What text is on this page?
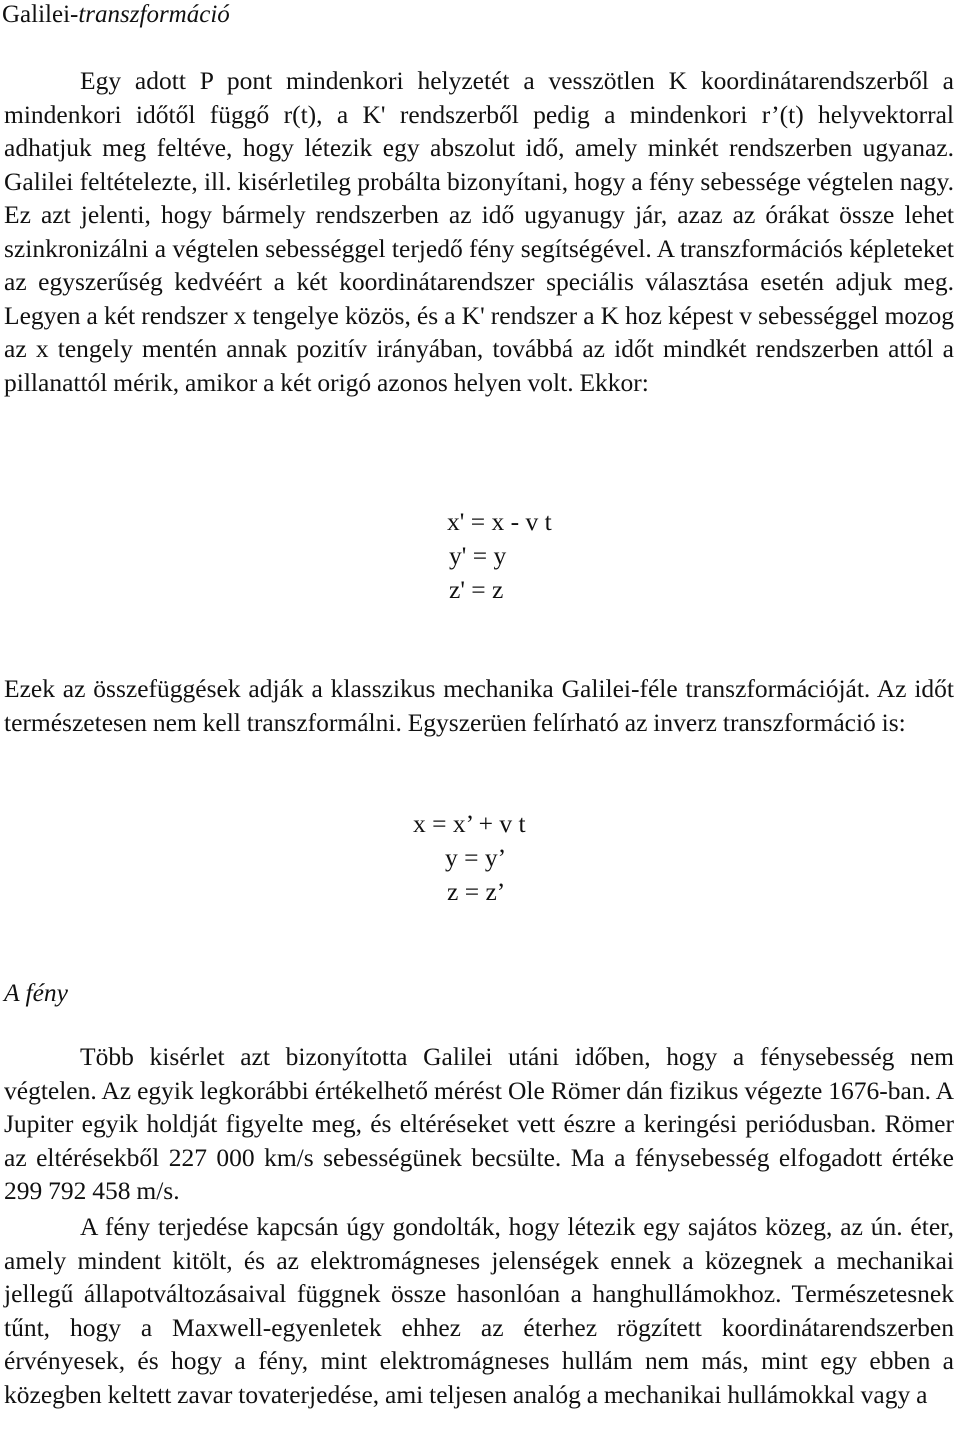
Galilei-transzformáció

Egy adott P pont mindenkori helyzetét a vesszötlen K koordinátarendszerből a mindenkori időtől függő r(t), a K' rendszerből pedig a mindenkori r’(t) helyvektorral adhatjuk meg feltéve, hogy létezik egy abszolut idő, amely minkét rendszerben ugyanaz. Galilei feltételezte, ill. kisérletileg probálta bizonyítani, hogy a fény sebessége végtelen nagy. Ez azt jelenti, hogy bármely rendszerben az idő ugyanugy jár, azaz az órákat össze lehet szinkronizálni a végtelen sebességgel terjedő fény segítségével. A transzformációs képleteket az egyszerűség kedvéért a két koordinátarendszer speciális választása esetén adjuk meg. Legyen a két rendszer x tengelye közös, és a K' rendszer a K hoz képest v sebességgel mozog az x tengely mentén annak pozitív irányában, továbbá az időt mindkét rendszerben attól a pillanattól mérik, amikor a két origó azonos helyen volt. Ekkor:

x' = x - v t
y' = y
z' = z

Ezek az összefüggések adják a klasszikus mechanika Galilei-féle transzformációját. Az időt természetesen nem kell transzformálni. Egyszerüen felírható az inverz transzformáció is:

x = x’ + v t
y = y’
z = z’
A fény

Több kisérlet azt bizonyította Galilei utáni időben, hogy a fénysebesség nem végtelen. Az egyik legkorábbi értékelhető mérést Ole Römer dán fizikus végezte 1676-ban. A Jupiter egyik holdját figyelte meg, és eltéréseket vett észre a keringési periódusban. Römer az eltérésekből 227 000 km/s sebességünek becsülte. Ma a fénysebesség elfogadott értéke 299 792 458 m/s.

A fény terjedése kapcsán úgy gondolták, hogy létezik egy sajátos közeg, az ún. éter, amely mindent kitölt, és az elektromágneses jelenségek ennek a közegnek a mechanikai jellegű állapotváltozásaival függnek össze hasonlóan a hanghullámokhoz. Természetesnek tűnt, hogy a Maxwell-egyenletek ehhez az éterhez rögzített koordinátarendszerben érvényesek, és hogy a fény, mint elektromágneses hullám nem más, mint egy ebben a közegben keltett zavar tovaterjedése, ami teljesen analóg a mechanikai hullámokkal vagy a
